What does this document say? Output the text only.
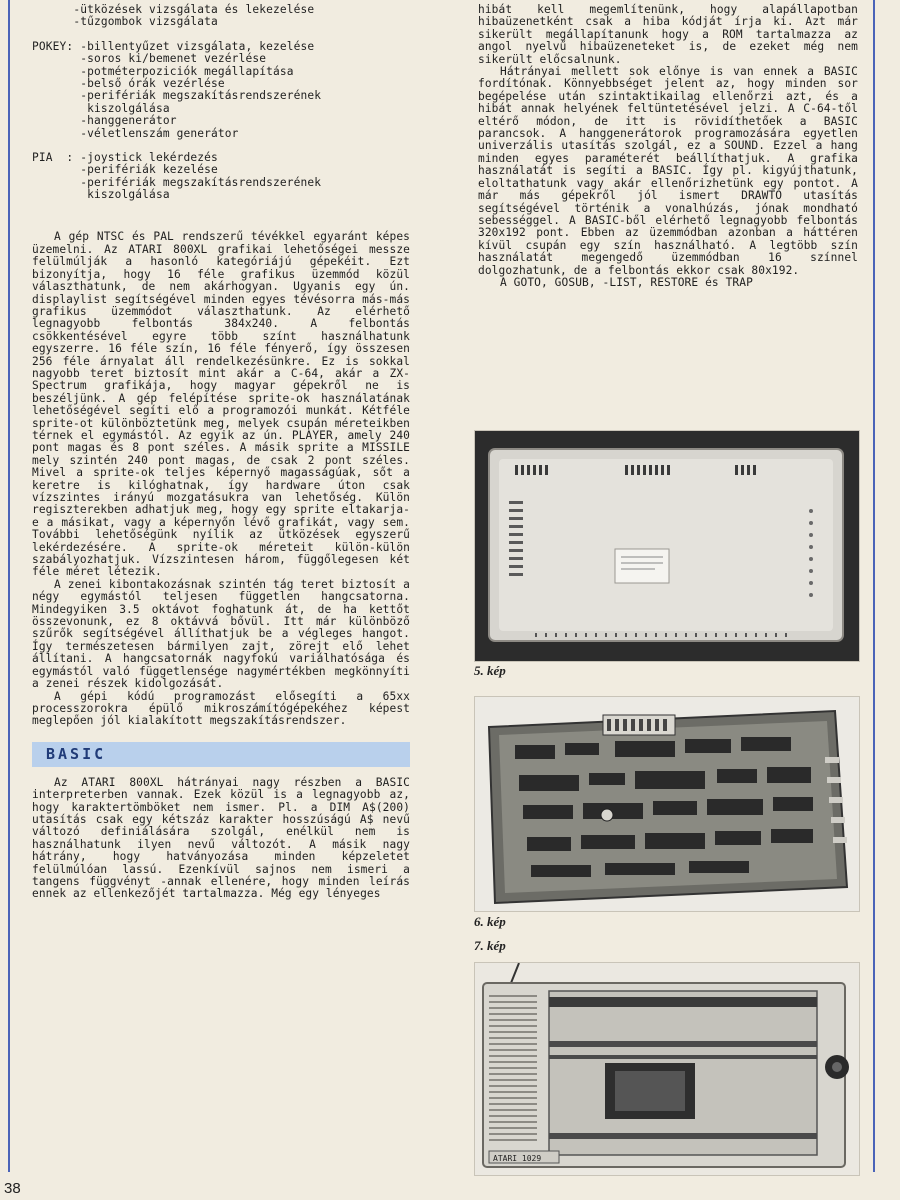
-ütközések vizsgálata és lekezelése

-tűzgombok vizsgálata

POKEY: -billentyűzet vizsgálata, kezelése

-soros ki/bemenet vezérlése

-potméterpoziciók megállapítása

-belső órák vezérlése

-perifériák megszakításrendszerének

kiszolgálása

-hanggenerátor

-véletlenszám generátor

PIA  : -joystick lekérdezés

-perifériák kezelése

-perifériák megszakításrendszerének

kiszolgálása

A gép NTSC és PAL rendszerű tévékkel egyaránt képes üzemelni. Az ATARI 800XL grafikai lehetőségei messze felülmúlják a hasonló kategóriájú gépekéit. Ezt bizonyítja, hogy 16 féle grafikus üzemmód közül választhatunk, de nem akárhogyan. Ugyanis egy ún. displaylist segítségével minden egyes tévésorra más-más grafikus üzemmódot választhatunk. Az elérhető legnagyobb felbontás 384x240. A felbontás csökkentésével egyre több színt használhatunk egyszerre. 16 féle szín, 16 féle fényerő, így összesen 256 féle árnyalat áll rendelkezésünkre. Ez is sokkal nagyobb teret biztosít mint akár a C-64, akár a ZX-Spectrum grafikája, hogy magyar gépekről ne is beszéljünk. A gép felépítése sprite-ok használatának lehetőségével segíti elő a programozói munkát. Kétféle sprite-ot különböztetünk meg, melyek csupán méreteikben térnek el egymástól. Az egyik az ún. PLAYER, amely 240 pont magas és 8 pont széles. A másik sprite a MISSILE mely szintén 240 pont magas, de csak 2 pont széles. Mivel a sprite-ok teljes képernyő magasságúak, sőt a keretre is kilóghatnak, így hardware úton csak vízszintes irányú mozgatásukra van lehetőség. Külön regiszterekben adhatjuk meg, hogy egy sprite eltakarja-e a másikat, vagy a képernyőn lévő grafikát, vagy sem. További lehetőségünk nyílik az ütközések egyszerű lekérdezésére. A sprite-ok méreteit külön-külön szabályozhatjuk. Vízszintesen három, függőlegesen két féle méret létezik.

A zenei kibontakozásnak szintén tág teret biztosít a négy egymástól teljesen független hangcsatorna. Mindegyiken 3.5 oktávot foghatunk át, de ha kettőt összevonunk, ez 8 oktávvá bővül. Itt már különböző szűrők segítségével állíthatjuk be a végleges hangot. Így természetesen bármilyen zajt, zörejt elő lehet állítani. A hangcsatornák nagyfokú variálhatósága és egymástól való függetlensége nagymértékben megkönnyíti a zenei részek kidolgozását.

A gépi kódú programozást elősegíti a 65xx processzorokra épülő mikroszámítógépekéhez képest meglepően jól kialakított megszakításrendszer.

BASIC

Az ATARI 800XL hátrányai nagy részben a BASIC interpreterben vannak. Ezek közül is a legnagyobb az, hogy karaktertömböket nem ismer. Pl. a DIM A$(200) utasítás csak egy kétszáz karakter hosszúságú A$ nevű változó definiálására szolgál, enélkül nem is használhatunk ilyen nevű változót. A másik nagy hátrány, hogy hatványozása minden képzeletet felülmúlóan lassú. Ezenkívül sajnos nem ismeri a tangens függvényt -annak ellenére, hogy minden leírás ennek az ellenkezőjét tartalmazza. Még egy lényeges

hibát kell megemlítenünk, hogy alapállapotban hibaüzenetként csak a hiba kódját írja ki. Azt már sikerült megállapítanunk hogy a ROM tartalmazza az angol nyelvű hibaüzeneteket is, de ezeket még nem sikerült előcsalnunk.

Hátrányai mellett sok előnye is van ennek a BASIC fordítónak. Könnyebbséget jelent az, hogy minden sor begépelése után szintaktikailag ellenőrzi azt, és a hibát annak helyének feltüntetésével jelzi. A C-64-től eltérő módon, de itt is rövidíthetőek a BASIC parancsok. A hanggenerátorok programozására egyetlen univerzális utasítás szolgál, ez a SOUND. Ezzel a hang minden egyes paraméterét beállíthatjuk. A grafika használatát is segíti a BASIC. Így pl. kigyújthatunk, eloltathatunk vagy akár ellenőrizhetünk egy pontot. A már más gépekről jól ismert DRAWTO utasítás segítségével történik a vonalhúzás, jónak mondható sebességgel. A BASIC-ből elérhető legnagyobb felbontás 320x192 pont. Ebben az üzemmódban azonban a háttéren kívül csupán egy szín használható. A legtöbb szín használatát megengedő üzemmódban 16 színnel dolgozhatunk, de a felbontás ekkor csak 80x192.

A GOTO, GOSUB, -LIST, RESTORE és TRAP

5. kép
6. kép
7. kép
ATARI 1029
38
